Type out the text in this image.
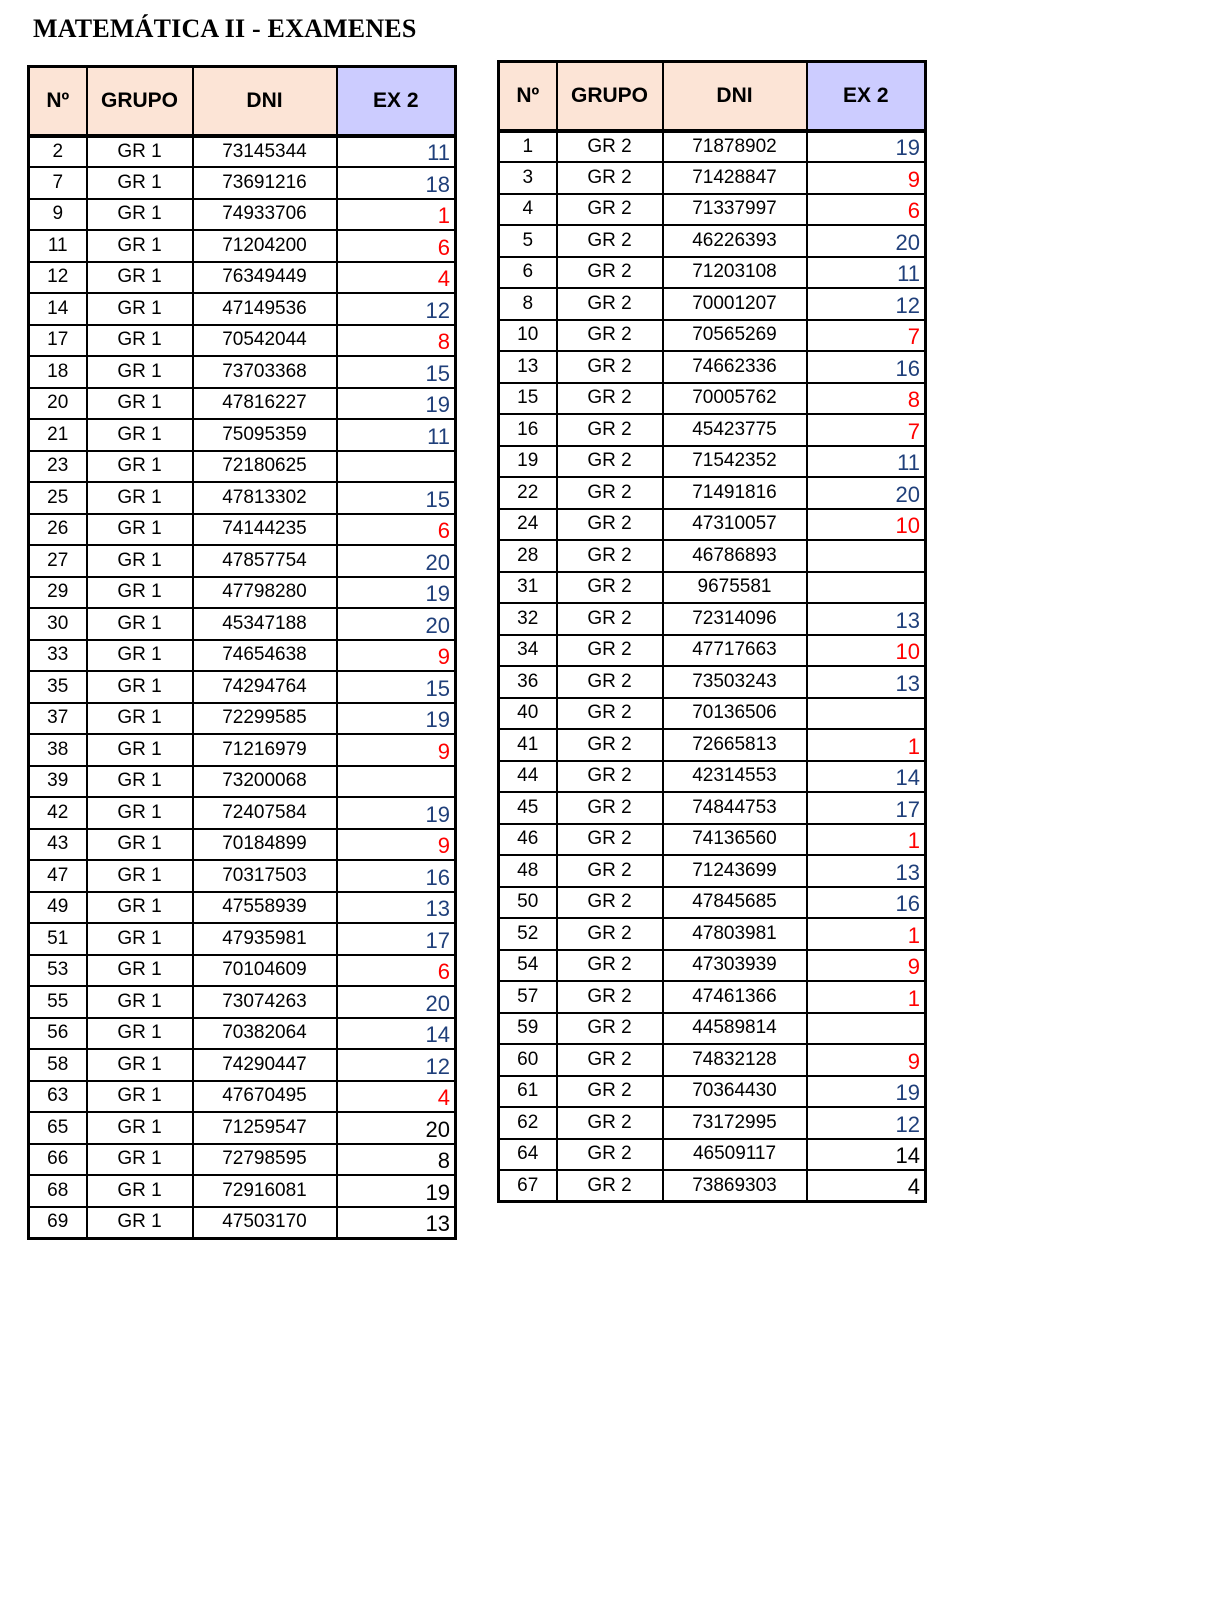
MATEMÁTICA II - EXAMENES
Nº	GRUPO	DNI	EX 2
2	GR 1	73145344	11
7	GR 1	73691216	18
9	GR 1	74933706	1
11	GR 1	71204200	6
12	GR 1	76349449	4
14	GR 1	47149536	12
17	GR 1	70542044	8
18	GR 1	73703368	15
20	GR 1	47816227	19
21	GR 1	75095359	11
23	GR 1	72180625	
25	GR 1	47813302	15
26	GR 1	74144235	6
27	GR 1	47857754	20
29	GR 1	47798280	19
30	GR 1	45347188	20
33	GR 1	74654638	9
35	GR 1	74294764	15
37	GR 1	72299585	19
38	GR 1	71216979	9
39	GR 1	73200068	
42	GR 1	72407584	19
43	GR 1	70184899	9
47	GR 1	70317503	16
49	GR 1	47558939	13
51	GR 1	47935981	17
53	GR 1	70104609	6
55	GR 1	73074263	20
56	GR 1	70382064	14
58	GR 1	74290447	12
63	GR 1	47670495	4
65	GR 1	71259547	20
66	GR 1	72798595	8
68	GR 1	72916081	19
69	GR 1	47503170	13
Nº	GRUPO	DNI	EX 2
1	GR 2	71878902	19
3	GR 2	71428847	9
4	GR 2	71337997	6
5	GR 2	46226393	20
6	GR 2	71203108	11
8	GR 2	70001207	12
10	GR 2	70565269	7
13	GR 2	74662336	16
15	GR 2	70005762	8
16	GR 2	45423775	7
19	GR 2	71542352	11
22	GR 2	71491816	20
24	GR 2	47310057	10
28	GR 2	46786893	
31	GR 2	9675581	
32	GR 2	72314096	13
34	GR 2	47717663	10
36	GR 2	73503243	13
40	GR 2	70136506	
41	GR 2	72665813	1
44	GR 2	42314553	14
45	GR 2	74844753	17
46	GR 2	74136560	1
48	GR 2	71243699	13
50	GR 2	47845685	16
52	GR 2	47803981	1
54	GR 2	47303939	9
57	GR 2	47461366	1
59	GR 2	44589814	
60	GR 2	74832128	9
61	GR 2	70364430	19
62	GR 2	73172995	12
64	GR 2	46509117	14
67	GR 2	73869303	4
